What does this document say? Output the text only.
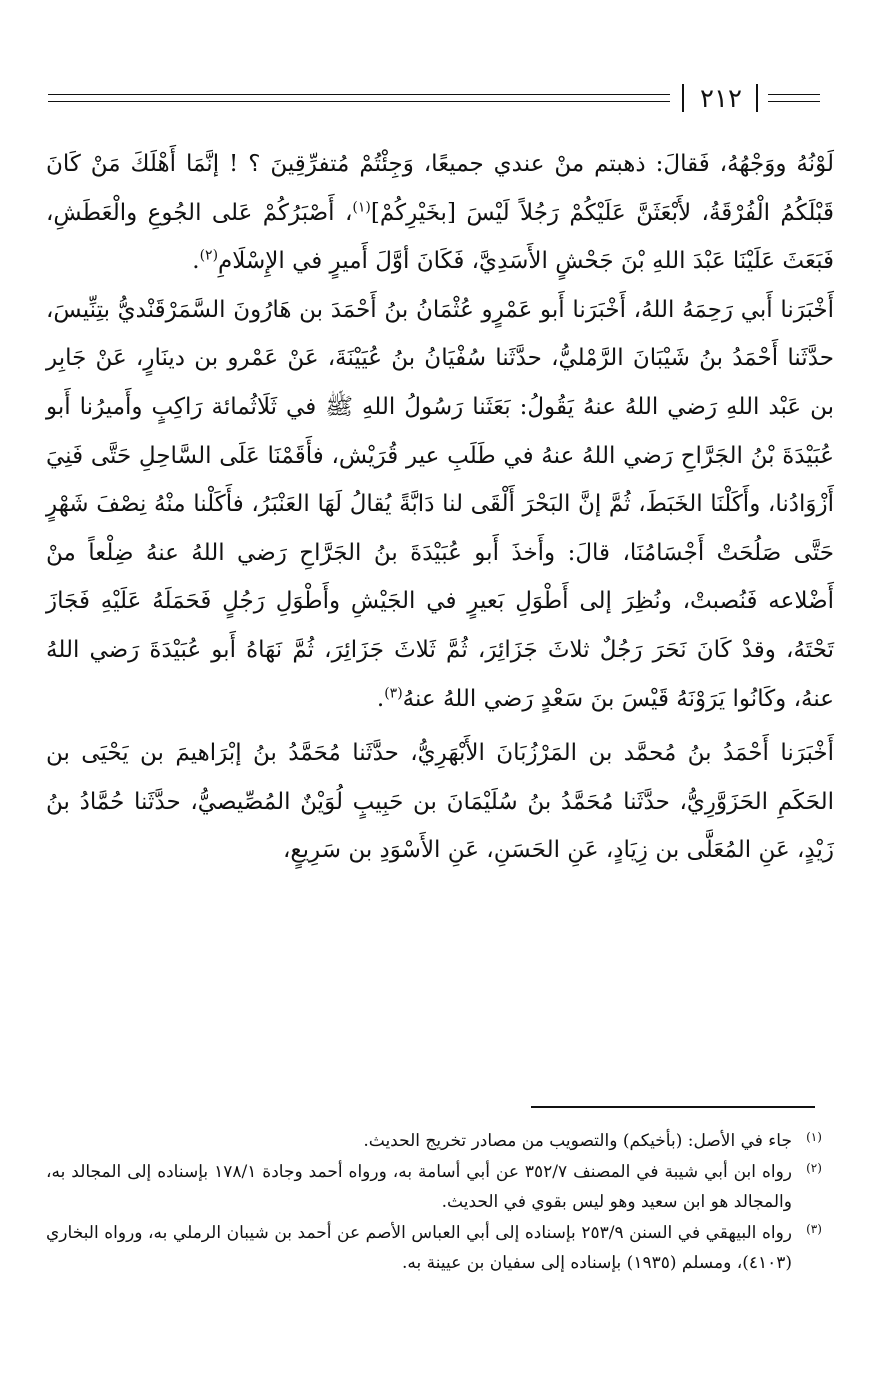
٢١٢

لَوْنُهُ ووَجْهُهُ، فَقالَ: ذهبتم منْ عندي جميعًا، وَجِئْتُمْ مُتفرِّقِينَ ؟ ! إنَّمَا أَهْلَكَ مَنْ كَانَ قَبْلَكُمُ الْفُرْقَةُ، لأَبْعَثَنَّ عَلَيْكُمْ رَجُلاً لَيْسَ [بخَيْرِكُمْ]$^{(١)}$، أَصْبَرُكُمْ عَلى الجُوعِ والْعَطَشِ، فَبَعَثَ عَلَيْنَا عَبْدَ اللهِ بْنَ جَحْشٍ الأَسَدِيَّ، فَكَانَ أوَّلَ أَميرٍ في الإِسْلَامِ$^{(٢)}$.

أَخْبَرَنا أَبي رَحِمَهُ اللهُ، أَخْبَرَنا أَبو عَمْرٍو عُثْمَانُ بنُ أَحْمَدَ بن هَارُونَ السَّمَرْقَنْديُّ بتِنِّيسَ، حدَّثَنا أَحْمَدُ بنُ شَيْبَانَ الرَّمْليُّ، حدَّثَنا سُفْيَانُ بنُ عُيَيْنَةَ، عَنْ عَمْرو بن دينَارٍ، عَنْ جَابِر بن عَبْد اللهِ رَضي اللهُ عنهُ يَقُولُ: بَعَثَنا رَسُولُ اللهِ ﷺ في ثَلَاثُمائة رَاكِبٍ وأَميرُنا أَبو عُبَيْدَةَ بْنُ الجَرَّاحِ رَضي اللهُ عنهُ في طَلَبِ عير قُرَيْش، فأَقَمْنَا عَلَى السَّاحِلِ حَتَّى فَنِيَ أَزْوَادُنا، وأَكَلْنَا الخَبَطَ، ثُمَّ إنَّ البَحْرَ أَلْقَى لنا دَابَّةً يُقالُ لَهَا العَنْبَرُ، فأَكَلْنا منْهُ نِصْفَ شَهْرٍ حَتَّى صَلُحَتْ أَجْسَامُنَا، قالَ: وأَخذَ أَبو عُبَيْدَةَ بنُ الجَرَّاحِ رَضي اللهُ عنهُ ضِلْعاً منْ أَضْلاعه فَنُصبتْ، ونُظِرَ إلى أَطْوَلِ بَعيرٍ في الجَيْشِ وأَطْوَلِ رَجُلٍ فَحَمَلَهُ عَلَيْهِ فَجَازَ تَحْتَهُ، وقدْ كَانَ نَحَرَ رَجُلٌ ثلاثَ جَزَائِرَ، ثُمَّ ثَلاثَ جَزَائِرَ، ثُمَّ نَهَاهُ أَبو عُبَيْدَةَ رَضي اللهُ عنهُ، وكَانُوا يَرَوْنَهُ قَيْسَ بنَ سَعْدٍ رَضي اللهُ عنهُ$^{(٣)}$.

أَخْبَرَنا أَحْمَدُ بنُ مُحمَّد بن المَرْزُبَانَ الأَبْهَرِيُّ، حدَّثَنا مُحَمَّدُ بنُ إبْرَاهيمَ بن يَحْيَى بن الحَكَمِ الحَزَوَّرِيُّ، حدَّثَنا مُحَمَّدُ بنُ سُلَيْمَانَ بن حَبِيبٍ لُوَيْنٌ المُصِّيصيُّ، حدَّثَنا حُمَّادُ بنُ زَيْدٍ، عَنِ المُعَلَّى بن زِيَادٍ، عَنِ الحَسَنِ، عَنِ الأَسْوَدِ بن سَرِيعٍ،

(١)
جاء في الأصل: (بأخيكم) والتصويب من مصادر تخريج الحديث.
(٢)
رواه ابن أبي شيبة في المصنف ٣٥٢/٧ عن أبي أسامة به، ورواه أحمد وجادة ١٧٨/١ بإسناده إلى المجالد به، والمجالد هو ابن سعيد وهو ليس بقوي في الحديث.
(٣)
رواه البيهقي في السنن ٢٥٣/٩ بإسناده إلى أبي العباس الأصم عن أحمد بن شيبان الرملي به، ورواه البخاري (٤١٠٣)، ومسلم (١٩٣٥) بإسناده إلى سفيان بن عيينة به.
